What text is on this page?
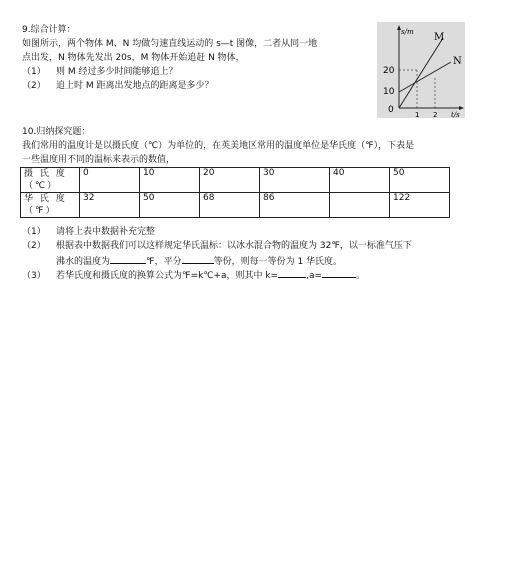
9.综合计算：
如图所示，两个物体 M、N 均做匀速直线运动的 s—t 图像，二者从同一地
点出发，N 物体先发出 20s，M 物体开始追赶 N 物体，
（1） 则 M 经过多少时间能够追上？
（2） 追上时 M 距离出发地点的距离是多少？
s/m
t/s
20
10
0	1 2
M
N
10.归纳探究题：
我们常用的温度计是以摄氏度（℃）为单位的，在英美地区常用的温度单位是华氏度（℉），下表是
一些温度用不同的温标来表示的数值，
摄 氏 度
（℃）	0	10	20	30	40	50

华 氏 度
（℉）	32	50	68	86		122
（1） 请将上表中数据补充完整
（2） 根据表中数据我们可以这样规定华氏温标：以冰水混合物的温度为 32℉，以一标准气压下
沸水的温度为	℉，平分	等份，则每一等份为 1 华氏度。
（3） 若华氏度和摄氏度的换算公式为℉=k℃+a，则其中 k=	,a=	。
